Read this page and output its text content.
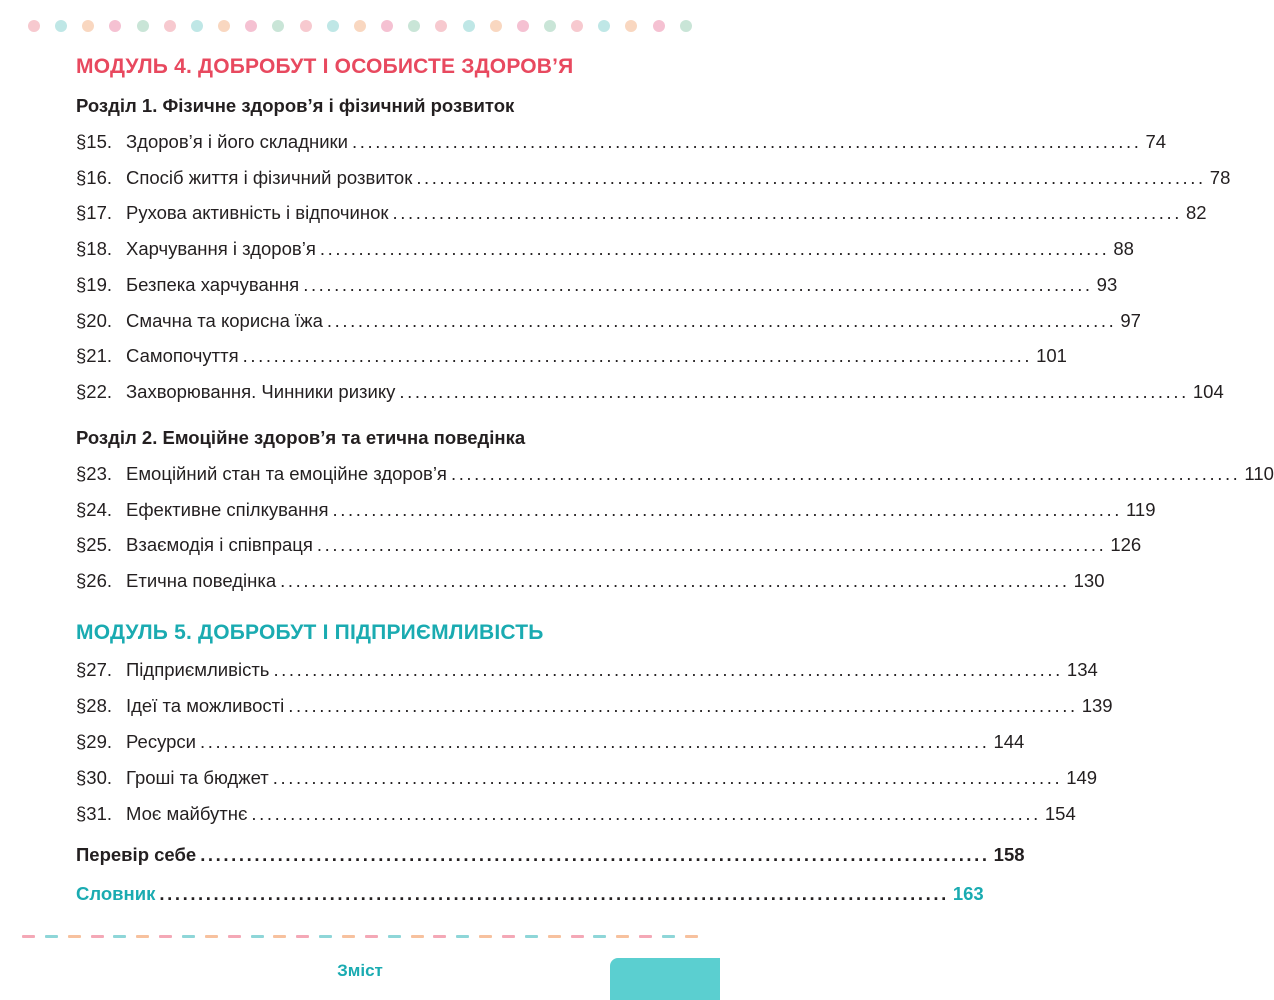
МОДУЛЬ 4. ДОБРОБУТ І ОСОБИСТЕ ЗДОРОВ’Я
Розділ 1. Фізичне здоров’я і фізичний розвиток
§15. Здоров’я і його складники ...................................................................................................... 74
§16. Спосіб життя і фізичний розвиток ...................................................................................................... 78
§17. Рухова активність і відпочинок ...................................................................................................... 82
§18. Харчування і здоров’я ...................................................................................................... 88
§19. Безпека харчування ...................................................................................................... 93
§20. Смачна та корисна їжа ...................................................................................................... 97
§21. Самопочуття ...................................................................................................... 101
§22. Захворювання. Чинники ризику ...................................................................................................... 104
Розділ 2. Емоційне здоров’я та етична поведінка
§23. Емоційний стан та емоційне здоров’я ...................................................................................................... 110
§24. Ефективне спілкування ...................................................................................................... 119
§25. Взаємодія і співпраця ...................................................................................................... 126
§26. Етична поведінка ...................................................................................................... 130
МОДУЛЬ 5. ДОБРОБУТ І ПІДПРИЄМЛИВІСТЬ
§27. Підприємливість ...................................................................................................... 134
§28. Ідеї та можливості ...................................................................................................... 139
§29. Ресурси ...................................................................................................... 144
§30. Гроші та бюджет ...................................................................................................... 149
§31. Моє майбутнє ...................................................................................................... 154
Перевір себе ...................................................................................................... 158
Словник ...................................................................................................... 163
Зміст
